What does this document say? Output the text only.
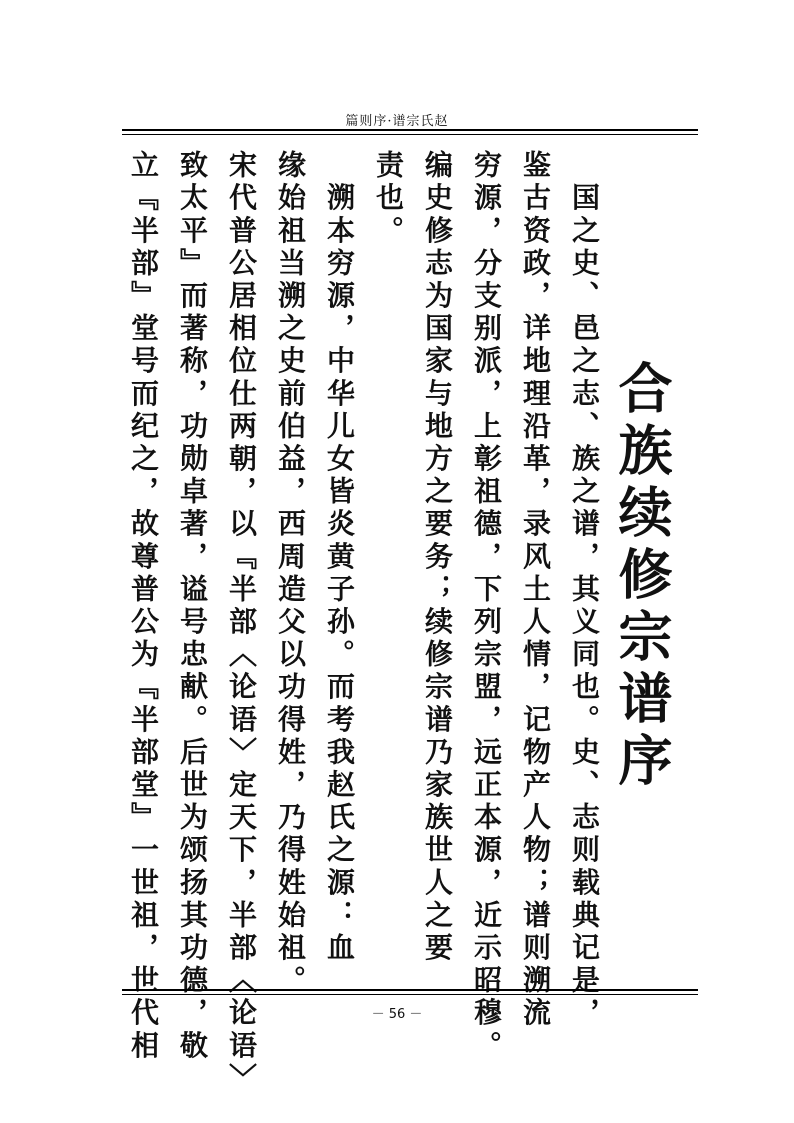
篇则序·谱宗氏赵
合族续修宗谱序
　国之史、邑之志、族之谱，其义同也。史、志则载典记是，
鉴古资政，详地理沿革，录风土人情，记物产人物；谱则溯流
穷源，分支别派，上彰祖德，下列宗盟，远正本源，近示昭穆。
编史修志为国家与地方之要务；续修宗谱乃家族世人之要
责也。
　溯本穷源，中华儿女皆炎黄子孙。而考我赵氏之源：血
缘始祖当溯之史前伯益，西周造父以功得姓，乃得姓始祖。
宋代普公居相位仕两朝，以『半部〈论语〉定天下，半部〈论语〉
致太平』而著称，功勋卓著，谥号忠献。后世为颂扬其功德，敬
立『半部』堂号而纪之，故尊普公为『半部堂』一世祖，世代相	－ 56 －
